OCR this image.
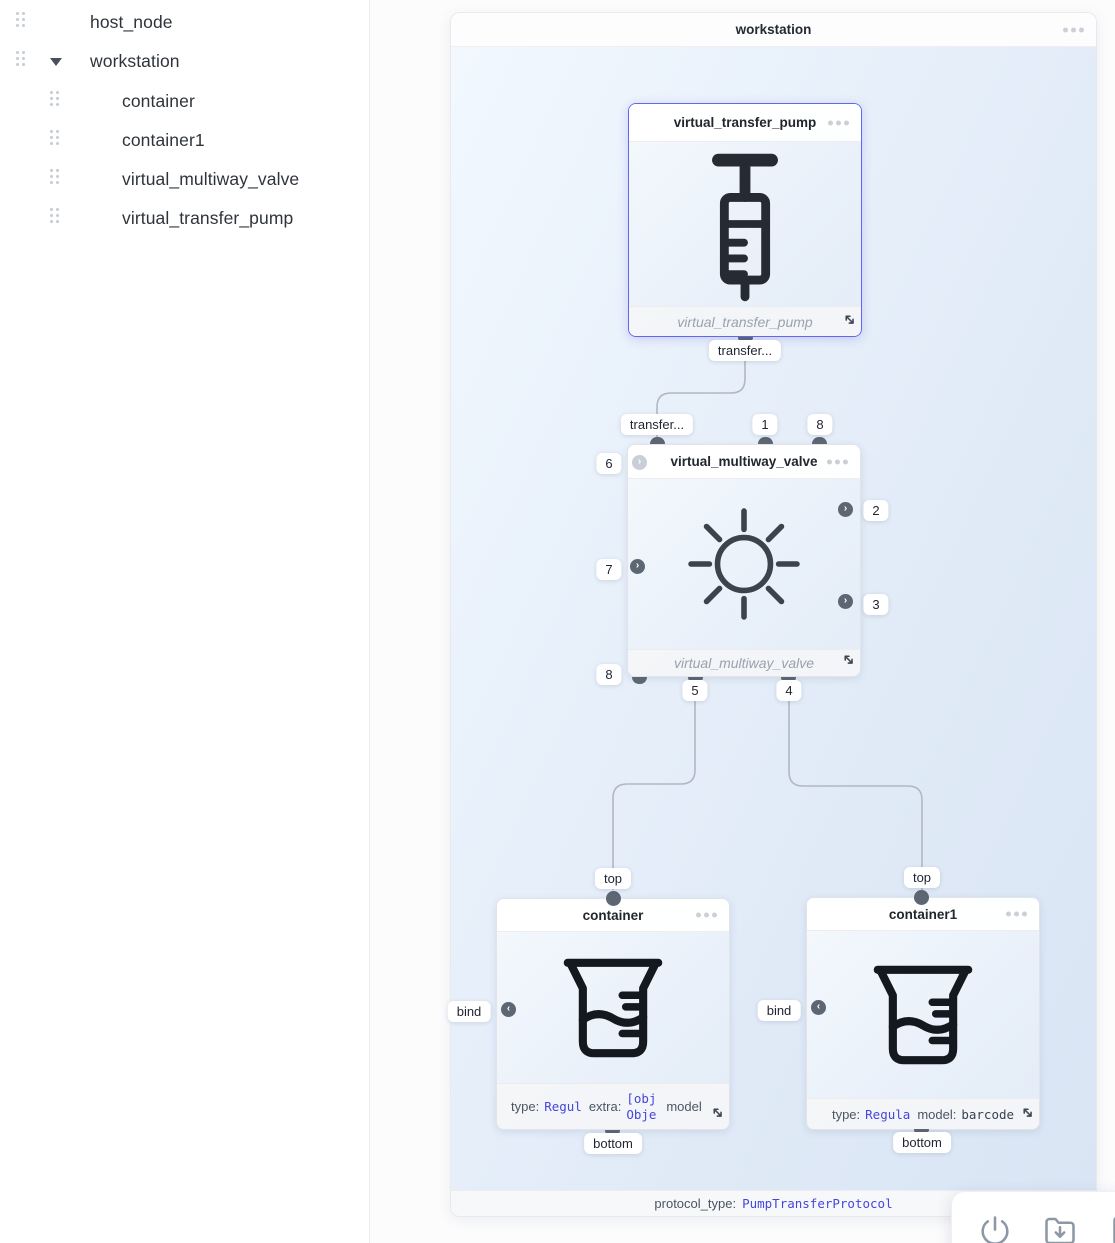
host_node
workstation
container
container1
virtual_multiway_valve
virtual_transfer_pump
workstation
protocol_type: PumpTransferProtocol
virtual_transfer_pump
virtual_transfer_pump
virtual_multiway_valve
virtual_multiway_valve
container
type: Regul extra:
[obj Obje model
container1
type: Regula model: barcode
›
›
›
›
‹	‹
transfer...
transfer...	1	8
6
2
7
3
8
5	4
top	top
bind	bind
bottom	bottom
